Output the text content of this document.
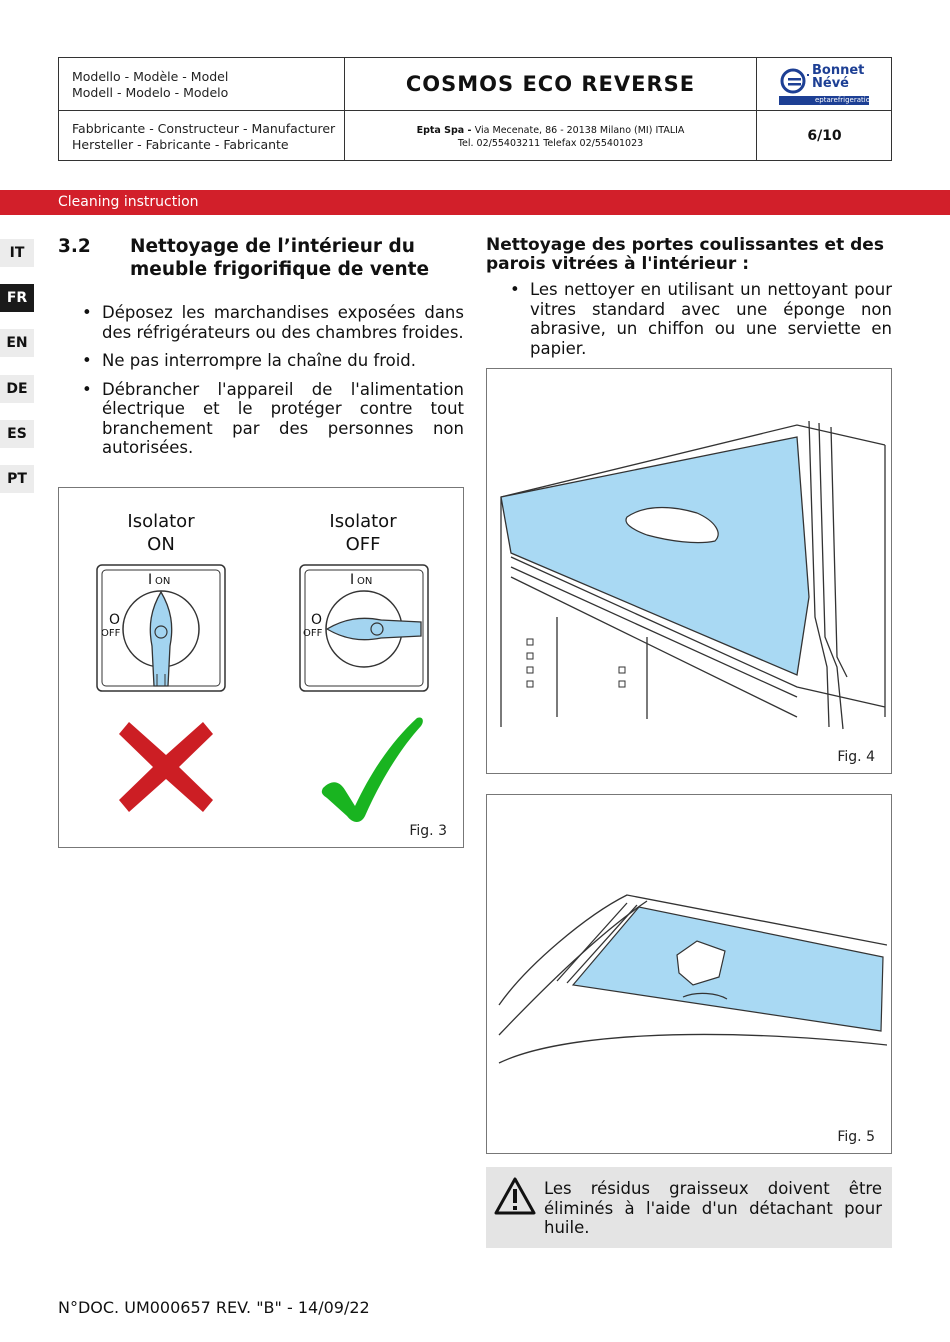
Modello - Modèle - Model
Modell - Modelo - Modelo	COSMOS ECO REVERSE
Bonnet
Névé
eptarefrigeration
Fabbricante - Constructeur - Manufacturer
Hersteller - Fabricante - Fabricante
Epta Spa - Via Mecenate, 86 - 20138 Milano (MI) ITALIA
Tel. 02/55403211 Telefax 02/55401023	6/10
Cleaning instruction
IT
FR
EN
DE
ES
PT
3.2 Nettoyage de l’intérieur du
meuble frigorifique de vente
• Déposez les marchandises exposées dans des réfrigérateurs ou des chambres froides.
• Ne pas interrompre la chaîne du froid.
• Débrancher l'appareil de l'alimentation électrique et le protéger contre tout branchement par des personnes non autorisées.
Isolator
ON
Isolator
OFF
I ON
O
OFF
I ON
O
OFF
Fig. 3
Nettoyage des portes coulissantes et des parois vitrées à l'intérieur :
• Les nettoyer en utilisant un nettoyant pour vitres standard avec une éponge non abrasive, un chiffon ou une serviette en papier.
Fig. 4
Fig. 5
Les résidus graisseux doivent être éliminés à l'aide d'un détachant pour huile.
N°DOC. UM000657 REV. "B" - 14/09/22
